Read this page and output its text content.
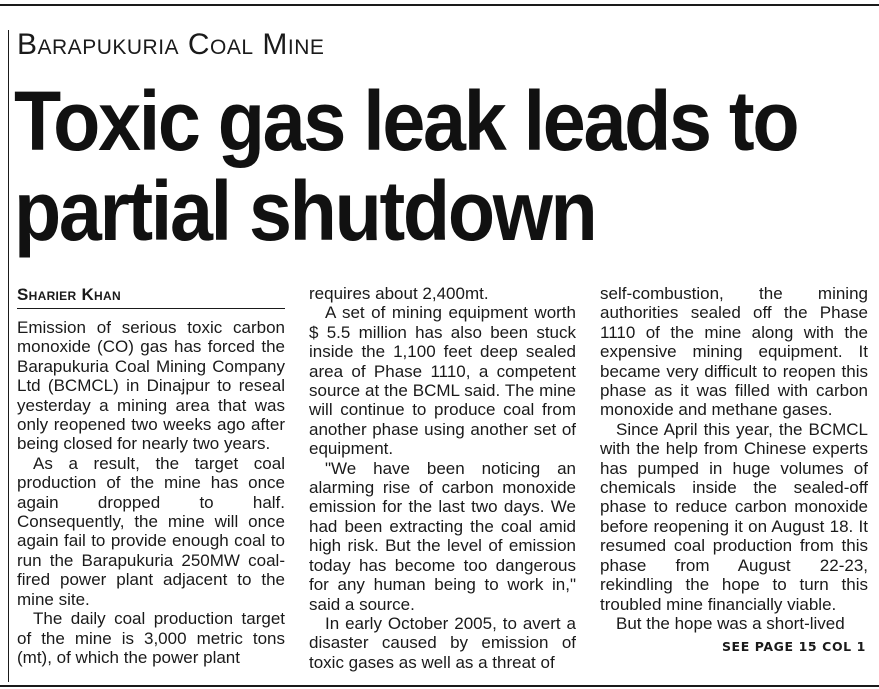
Barapukuria Coal Mine
Toxic gas leak leads to
partial shutdown
Sharier Khan

Emission of serious toxic carbon monoxide (CO) gas has forced the Barapukuria Coal Mining Company Ltd (BCMCL) in Dinajpur to reseal yesterday a mining area that was only reopened two weeks ago after being closed for nearly two years.

As a result, the target coal production of the mine has once again dropped to half. Consequently, the mine will once again fail to provide enough coal to run the Barapukuria 250MW coal-fired power plant adjacent to the mine site.

The daily coal production target of the mine is 3,000 metric tons (mt), of which the power plant

requires about 2,400mt.

A set of mining equipment worth $ 5.5 million has also been stuck inside the 1,100 feet deep sealed area of Phase 1110, a competent source at the BCML said. The mine will continue to produce coal from another phase using another set of equipment.

"We have been noticing an alarming rise of carbon monoxide emission for the last two days. We had been extracting the coal amid high risk. But the level of emission today has become too dangerous for any human being to work in," said a source.

In early October 2005, to avert a disaster caused by emission of toxic gases as well as a threat of

self-combustion, the mining authorities sealed off the Phase 1110 of the mine along with the expensive mining equipment. It became very difficult to reopen this phase as it was filled with carbon monoxide and methane gases.

Since April this year, the BCMCL with the help from Chinese experts has pumped in huge volumes of chemicals inside the sealed-off phase to reduce carbon monoxide before reopening it on August 18. It resumed coal production from this phase from August 22-23, rekindling the hope to turn this troubled mine financially viable.

But the hope was a short-lived

SEE PAGE 15 COL 1
